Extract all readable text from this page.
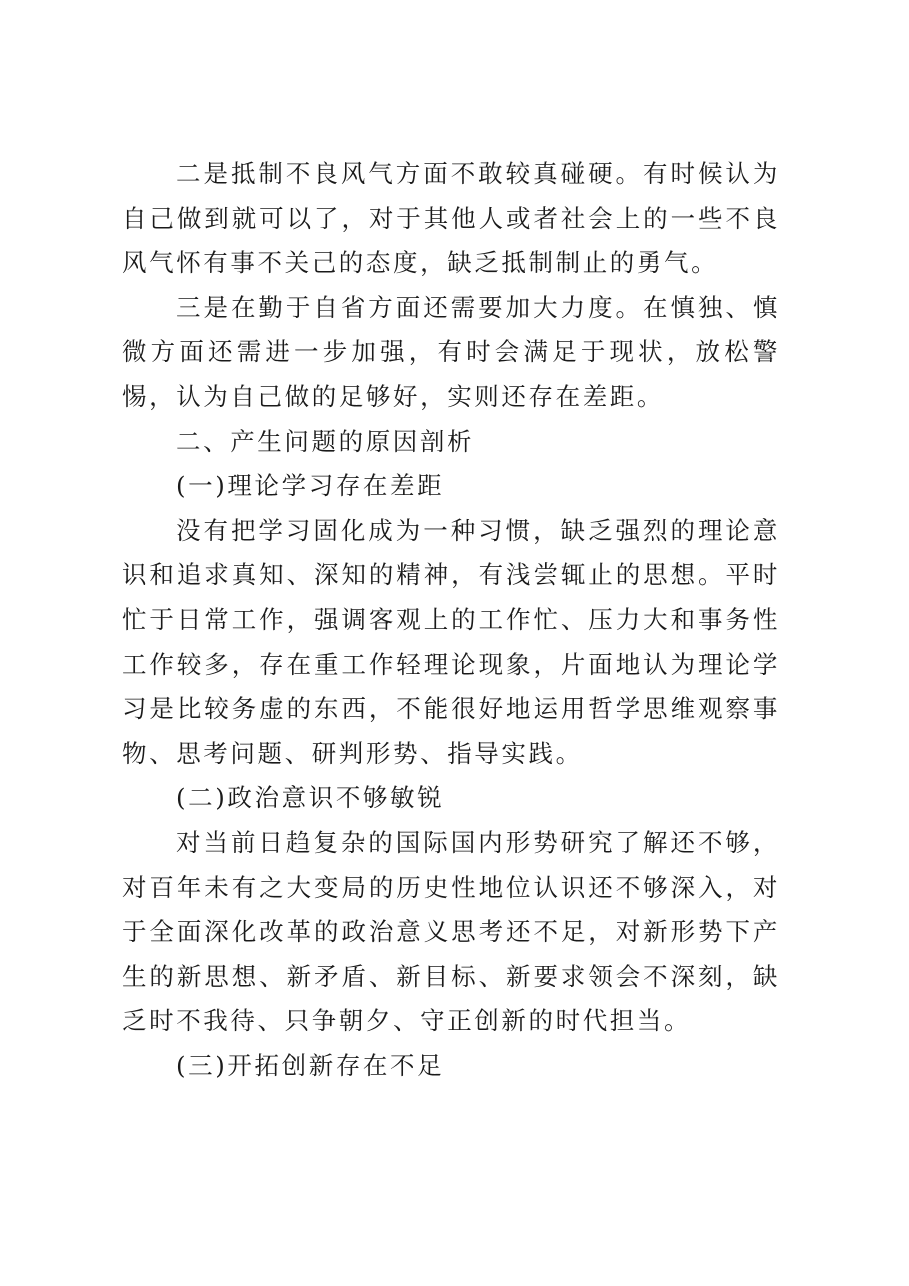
二是抵制不良风气方面不敢较真碰硬。有时候认为自己做到就可以了，对于其他人或者社会上的一些不良风气怀有事不关己的态度，缺乏抵制制止的勇气。

三是在勤于自省方面还需要加大力度。在慎独、慎微方面还需进一步加强，有时会满足于现状，放松警惕，认为自己做的足够好，实则还存在差距。

二、产生问题的原因剖析

(一)理论学习存在差距

没有把学习固化成为一种习惯，缺乏强烈的理论意识和追求真知、深知的精神，有浅尝辄止的思想。平时忙于日常工作，强调客观上的工作忙、压力大和事务性工作较多，存在重工作轻理论现象，片面地认为理论学习是比较务虚的东西，不能很好地运用哲学思维观察事物、思考问题、研判形势、指导实践。

(二)政治意识不够敏锐

对当前日趋复杂的国际国内形势研究了解还不够，对百年未有之大变局的历史性地位认识还不够深入，对于全面深化改革的政治意义思考还不足，对新形势下产生的新思想、新矛盾、新目标、新要求领会不深刻，缺乏时不我待、只争朝夕、守正创新的时代担当。

(三)开拓创新存在不足
